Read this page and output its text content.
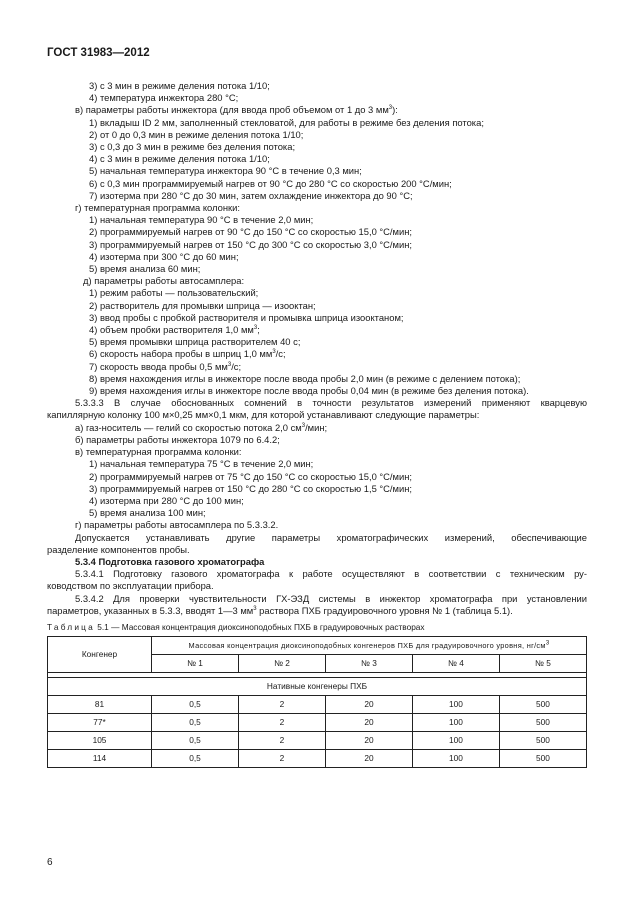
ГОСТ 31983—2012
3) с 3 мин в режиме деления потока 1/10;
4) температура инжектора 280 °С;
в) параметры работы инжектора (для ввода проб объемом от 1 до 3 $мм^3$):
1) вкладыш ID 2 мм, заполненный стекловатой, для работы в режиме без деления потока;
2) от 0 до 0,3 мин в режиме деления потока 1/10;
3) с 0,3 до 3 мин в режиме без деления потока;
4) с 3 мин в режиме деления потока 1/10;
5) начальная температура инжектора 90 °С в течение 0,3 мин;
6) с 0,3 мин программируемый нагрев от 90 °С до 280 °С со скоростью 200 °С/мин;
7) изотерма при 280 °С до 30 мин, затем охлаждение инжектора до 90 °С;
г) температурная программа колонки:
1) начальная температура 90 °С в течение 2,0 мин;
2) программируемый нагрев от 90 °С до 150 °С со скоростью 15,0 °С/мин;
3) программируемый нагрев от 150 °С до 300 °С со скоростью 3,0 °С/мин;
4) изотерма при 300 °С до 60 мин;
5) время анализа 60 мин;
д) параметры работы автосамплера:
1) режим работы — пользовательский;
2) растворитель для промывки шприца — изооктан;
3) ввод пробы с пробкой растворителя и промывка шприца изооктаном;
4) объем пробки растворителя 1,0 $мм^3$;
5) время промывки шприца растворителем 40 с;
6) скорость набора пробы в шприц 1,0 $мм^3/с$;
7) скорость ввода пробы 0,5 $мм^3/с$;
8) время нахождения иглы в инжекторе после ввода пробы 2,0 мин (в режиме с делением потока);
9) время нахождения иглы в инжекторе после ввода пробы 0,04 мин (в режиме без деления потока).
5.3.3.3 В случае обоснованных сомнений в точности результатов измерений применяют кварцевую
капиллярную колонку 100 м×0,25 мм×0,1 мкм, для которой устанавливают следующие параметры:
а) газ-носитель — гелий со скоростью потока 2,0 $см^3$/мин;
б) параметры работы инжектора 1079 по 6.4.2;
в) температурная программа колонки:
1) начальная температура 75 °С в течение 2,0 мин;
2) программируемый нагрев от 75 °С до 150 °С со скоростью 15,0 °С/мин;
3) программируемый нагрев от 150 °С до 280 °С со скоростью 1,5 °С/мин;
4) изотерма при 280 °С до 100 мин;
5) время анализа 100 мин;
г) параметры работы автосамплера по 5.3.3.2.
Допускается устанавливать другие параметры хроматографических измерений, обеспечивающие
разделение компонентов пробы.
5.3.4 Подготовка газового хроматографа
5.3.4.1 Подготовку газового хроматографа к работе осуществляют в соответствии с техническим ру-
ководством по эксплуатации прибора.
5.3.4.2 Для проверки чувствительности ГХ-ЭЗД системы в инжектор хроматографа при установлении
параметров, указанных в 5.3.3, вводят 1—3 $мм^3$ раствора ПХБ градуировочного уровня № 1 (таблица 5.1).
Таблица 5.1 — Массовая концентрация диоксиноподобных ПХБ в градуировочных растворах
Конгенер	Массовая концентрация диоксиноподобных конгенеров ПХБ для градуировочного уровня, $нг/см^3$
	№ 1	№ 2	№ 3	№ 4	№ 5

Нативные конгенеры ПХБ					
81	0,5	2	20	100	500
77*	0,5	2	20	100	500
105	0,5	2	20	100	500
114	0,5	2	20	100	500
6
